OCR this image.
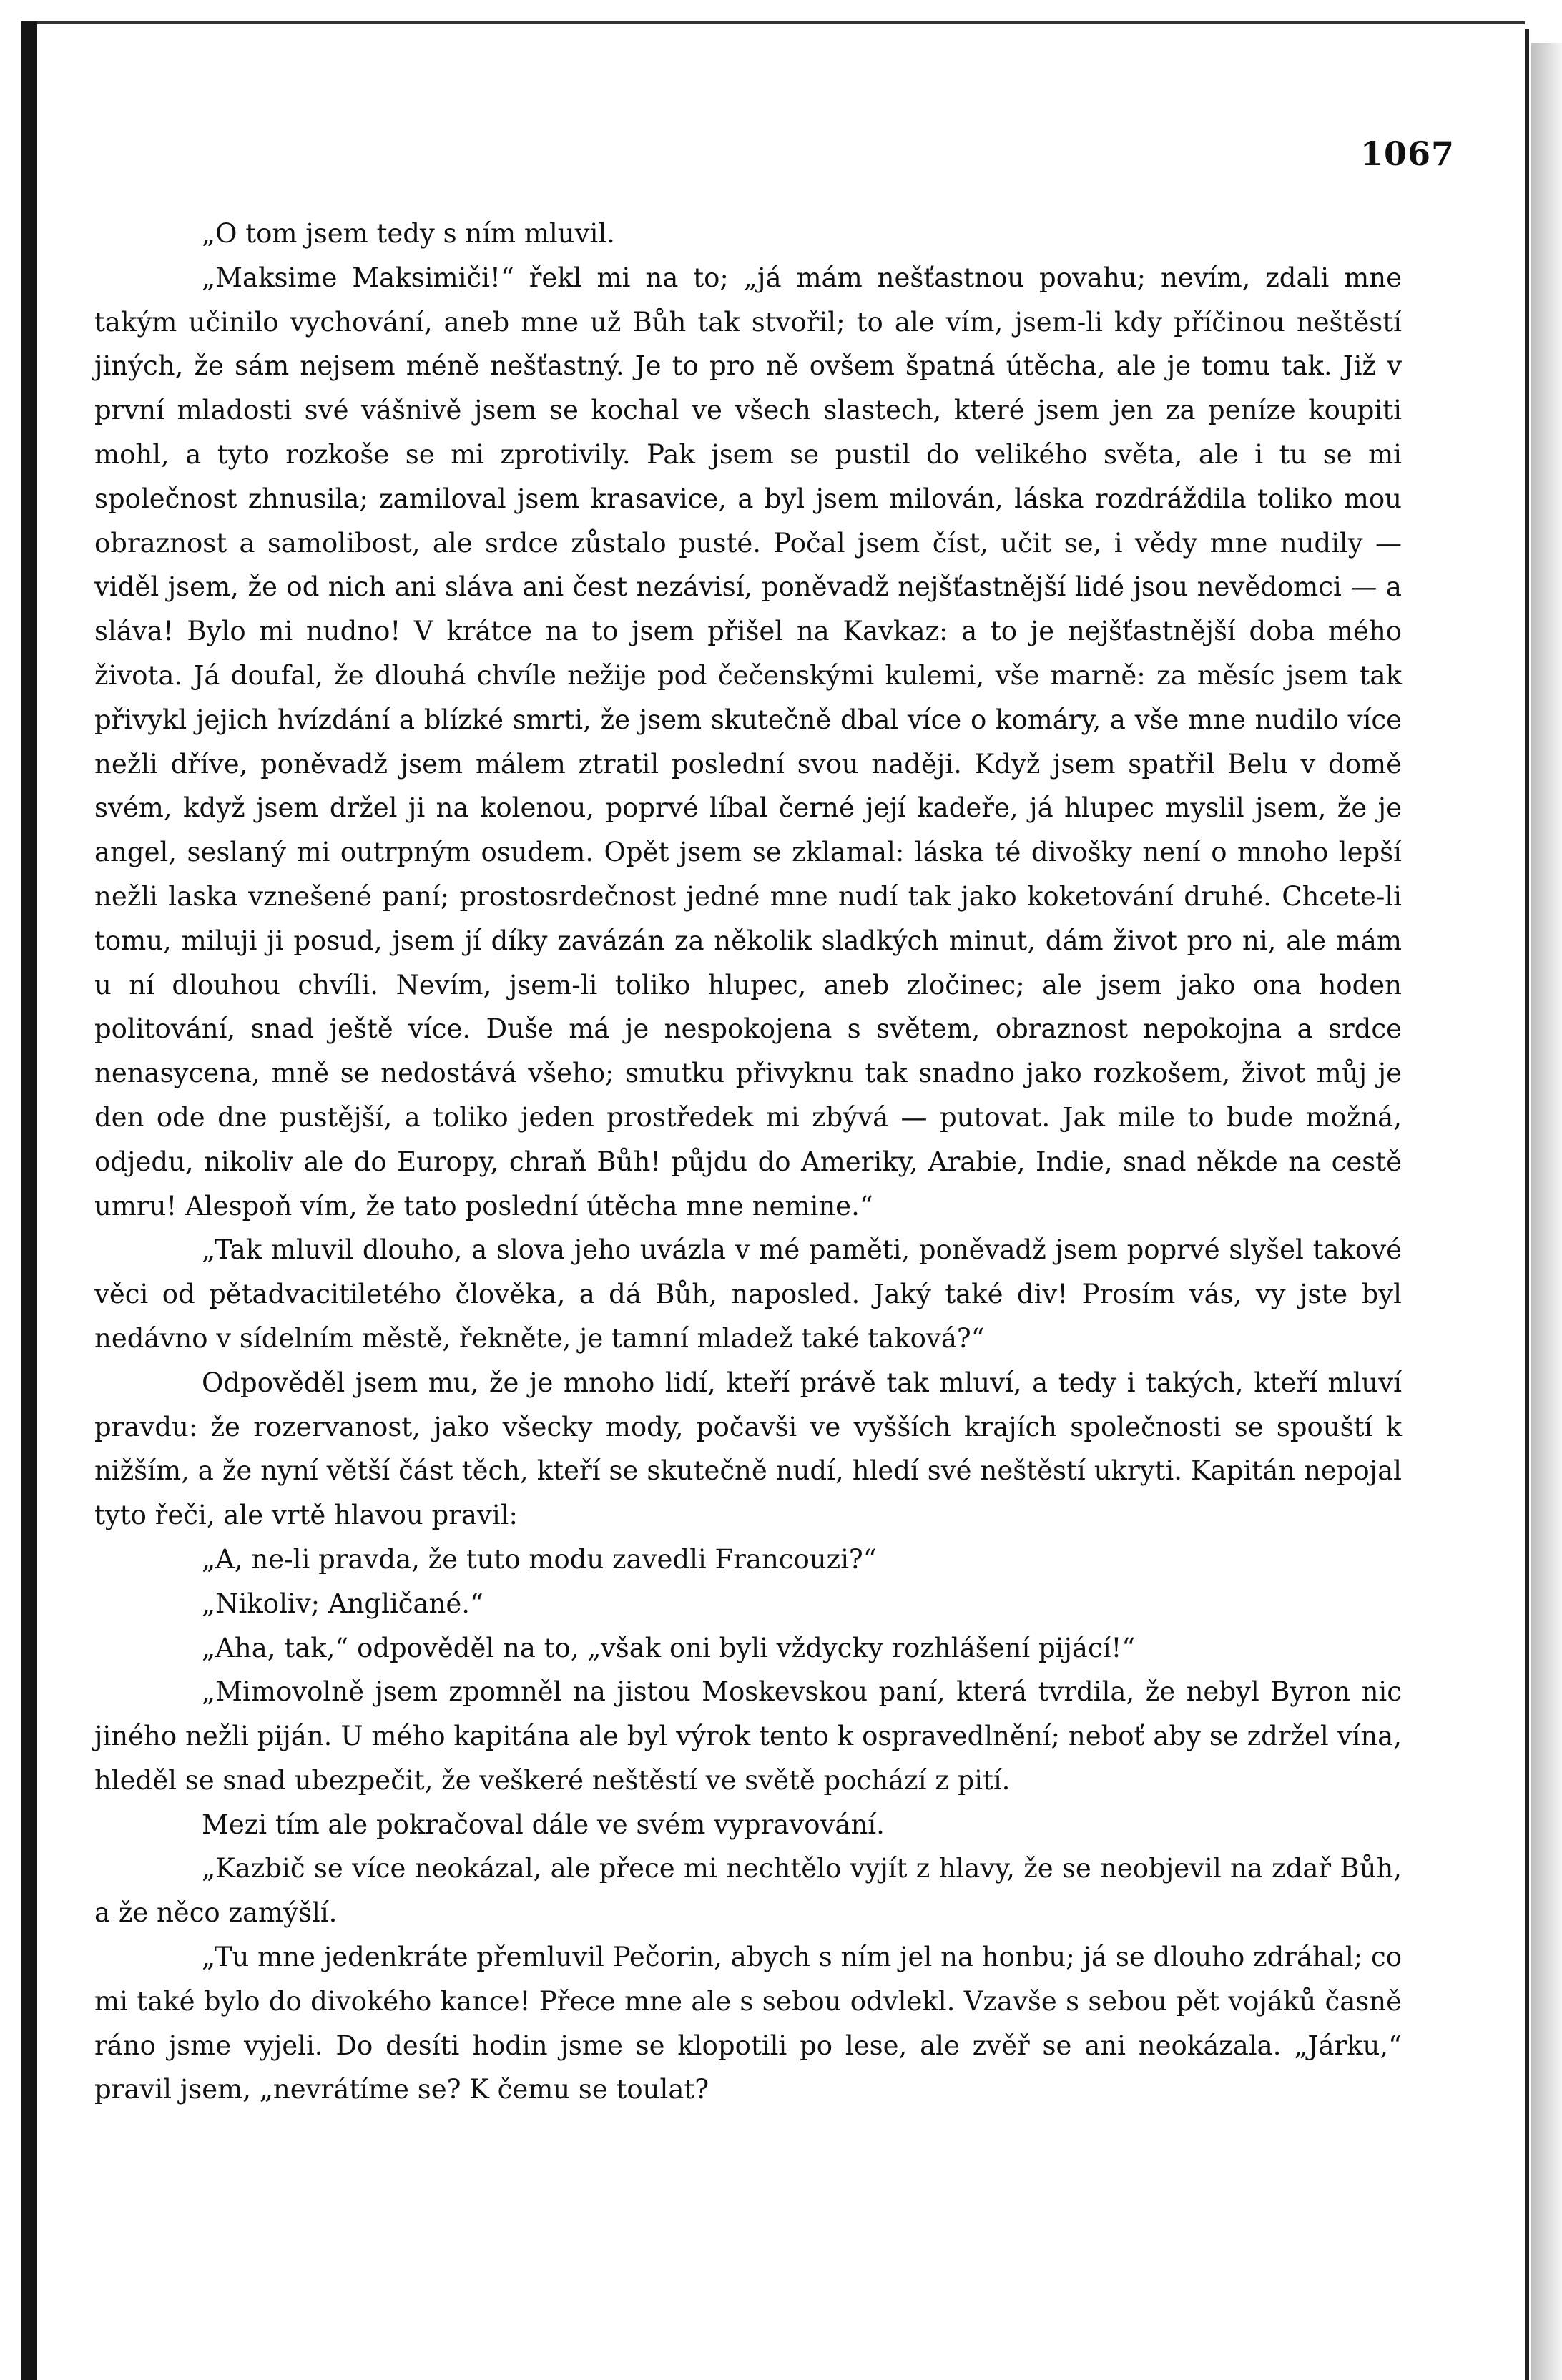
1067

„O tom jsem tedy s ním mluvil.

„Maksime Maksimiči!“ řekl mi na to; „já mám nešťastnou povahu; nevím, zdali mne takým učinilo vychování, aneb mne už Bůh tak stvořil; to ale vím, jsem-li kdy příčinou neštěstí jiných, že sám nejsem méně nešťastný. Je to pro ně ovšem špatná útěcha, ale je tomu tak. Již v první mladosti své vášnivě jsem se kochal ve všech slastech, které jsem jen za peníze koupiti mohl, a tyto rozkoše se mi zprotivily. Pak jsem se pustil do velikého světa, ale i tu se mi společnost zhnusila; zamiloval jsem krasavice, a byl jsem milován, láska rozdráždila toliko mou obraznost a samolibost, ale srdce zůstalo pusté. Počal jsem číst, učit se, i vědy mne nudily — viděl jsem, že od nich ani sláva ani čest nezávisí, poněvadž nejšťastnější lidé jsou nevědomci — a sláva! Bylo mi nudno! V krátce na to jsem přišel na Kavkaz: a to je nejšťastnější doba mého života. Já doufal, že dlouhá chvíle nežije pod čečenskými kulemi, vše marně: za měsíc jsem tak přivykl jejich hvízdání a blízké smrti, že jsem skutečně dbal více o komáry, a vše mne nudilo více nežli dříve, poněvadž jsem málem ztratil poslední svou naději. Když jsem spatřil Belu v domě svém, když jsem držel ji na kolenou, poprvé líbal černé její kadeře, já hlupec myslil jsem, že je angel, seslaný mi outrpným osudem. Opět jsem se zklamal: láska té divošky není o mnoho lepší nežli laska vznešené paní; prostosrdečnost jedné mne nudí tak jako koketování druhé. Chcete-li tomu, miluji ji posud, jsem jí díky zavázán za několik sladkých minut, dám život pro ni, ale mám u ní dlouhou chvíli. Nevím, jsem-li toliko hlupec, aneb zločinec; ale jsem jako ona hoden politování, snad ještě více. Duše má je nespokojena s světem, obraznost nepokojna a srdce nenasycena, mně se nedostává všeho; smutku přivyknu tak snadno jako rozkošem, život můj je den ode dne pustější, a toliko jeden prostředek mi zbývá — putovat. Jak mile to bude možná, odjedu, nikoliv ale do Europy, chraň Bůh! půjdu do Ameriky, Arabie, Indie, snad někde na cestě umru! Alespoň vím, že tato poslední útěcha mne nemine.“

„Tak mluvil dlouho, a slova jeho uvázla v mé paměti, poněvadž jsem poprvé slyšel takové věci od pětadvacitiletého člověka, a dá Bůh, naposled. Jaký také div! Prosím vás, vy jste byl nedávno v sídelním městě, řekněte, je tamní mladež také taková?“

Odpověděl jsem mu, že je mnoho lidí, kteří právě tak mluví, a tedy i takých, kteří mluví pravdu: že rozervanost, jako všecky mody, počavši ve vyšších krajích společnosti se spouští k nižším, a že nyní větší část těch, kteří se skutečně nudí, hledí své neštěstí ukryti. Kapitán nepojal tyto řeči, ale vrtě hlavou pravil:

„A, ne-li pravda, že tuto modu zavedli Francouzi?“

„Nikoliv; Angličané.“

„Aha, tak,“ odpověděl na to, „však oni byli vždycky rozhlášení pijácí!“

„Mimovolně jsem zpomněl na jistou Moskevskou paní, která tvrdila, že nebyl Byron nic jiného nežli piján. U mého kapitána ale byl výrok tento k ospravedlnění; neboť aby se zdržel vína, hleděl se snad ubezpečit, že veškeré neštěstí ve světě pochází z pití.

Mezi tím ale pokračoval dále ve svém vypravování.

„Kazbič se více neokázal, ale přece mi nechtělo vyjít z hlavy, že se neobjevil na zdař Bůh, a že něco zamýšlí.

„Tu mne jedenkráte přemluvil Pečorin, abych s ním jel na honbu; já se dlouho zdráhal; co mi také bylo do divokého kance! Přece mne ale s sebou odvlekl. Vzavše s sebou pět vojáků časně ráno jsme vyjeli. Do desíti hodin jsme se klopotili po lese, ale zvěř se ani neokázala. „Járku,“ pravil jsem, „nevrátíme se? K čemu se toulat?
